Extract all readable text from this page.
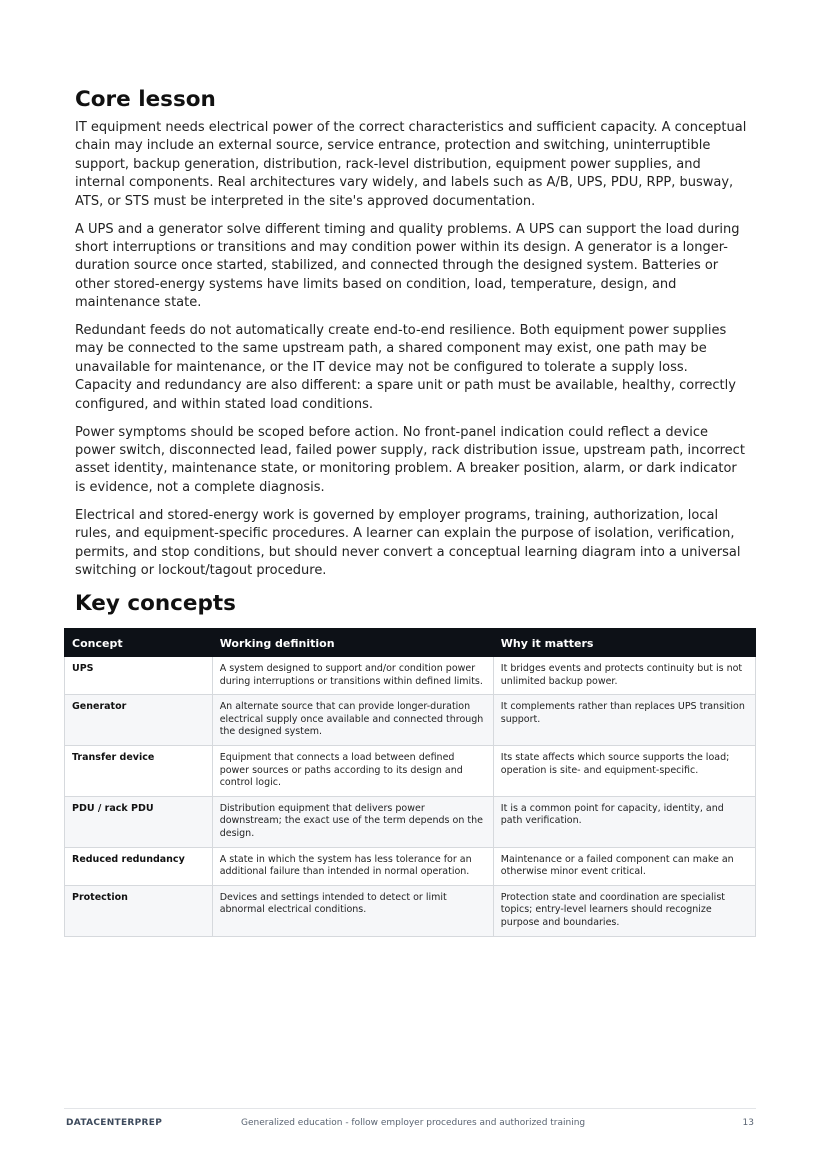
Core lesson

IT equipment needs electrical power of the correct characteristics and sufficient capacity. A conceptual chain may include an external source, service entrance, protection and switching, uninterruptible support, backup generation, distribution, rack-level distribution, equipment power supplies, and internal components. Real architectures vary widely, and labels such as A/B, UPS, PDU, RPP, busway, ATS, or STS must be interpreted in the site's approved documentation.

A UPS and a generator solve different timing and quality problems. A UPS can support the load during short interruptions or transitions and may condition power within its design. A generator is a longer-duration source once started, stabilized, and connected through the designed system. Batteries or other stored-energy systems have limits based on condition, load, temperature, design, and maintenance state.

Redundant feeds do not automatically create end-to-end resilience. Both equipment power supplies may be connected to the same upstream path, a shared component may exist, one path may be unavailable for maintenance, or the IT device may not be configured to tolerate a supply loss. Capacity and redundancy are also different: a spare unit or path must be available, healthy, correctly configured, and within stated load conditions.

Power symptoms should be scoped before action. No front-panel indication could reflect a device power switch, disconnected lead, failed power supply, rack distribution issue, upstream path, incorrect asset identity, maintenance state, or monitoring problem. A breaker position, alarm, or dark indicator is evidence, not a complete diagnosis.

Electrical and stored-energy work is governed by employer programs, training, authorization, local rules, and equipment-specific procedures. A learner can explain the purpose of isolation, verification, permits, and stop conditions, but should never convert a conceptual learning diagram into a universal switching or lockout/tagout procedure.

Key concepts
Concept	Working definition	Why it matters
UPS	A system designed to support and/or condition power during interruptions or transitions within defined limits.	It bridges events and protects continuity but is not unlimited backup power.
Generator	An alternate source that can provide longer-duration electrical supply once available and connected through the designed system.	It complements rather than replaces UPS transition support.
Transfer device	Equipment that connects a load between defined power sources or paths according to its design and control logic.	Its state affects which source supports the load; operation is site- and equipment-specific.
PDU / rack PDU	Distribution equipment that delivers power downstream; the exact use of the term depends on the design.	It is a common point for capacity, identity, and path verification.
Reduced redundancy	A state in which the system has less tolerance for an additional failure than intended in normal operation.	Maintenance or a failed component can make an otherwise minor event critical.
Protection	Devices and settings intended to detect or limit abnormal electrical conditions.	Protection state and coordination are specialist topics; entry-level learners should recognize purpose and boundaries.
DATACENTERPREP	Generalized education - follow employer procedures and authorized training	13
